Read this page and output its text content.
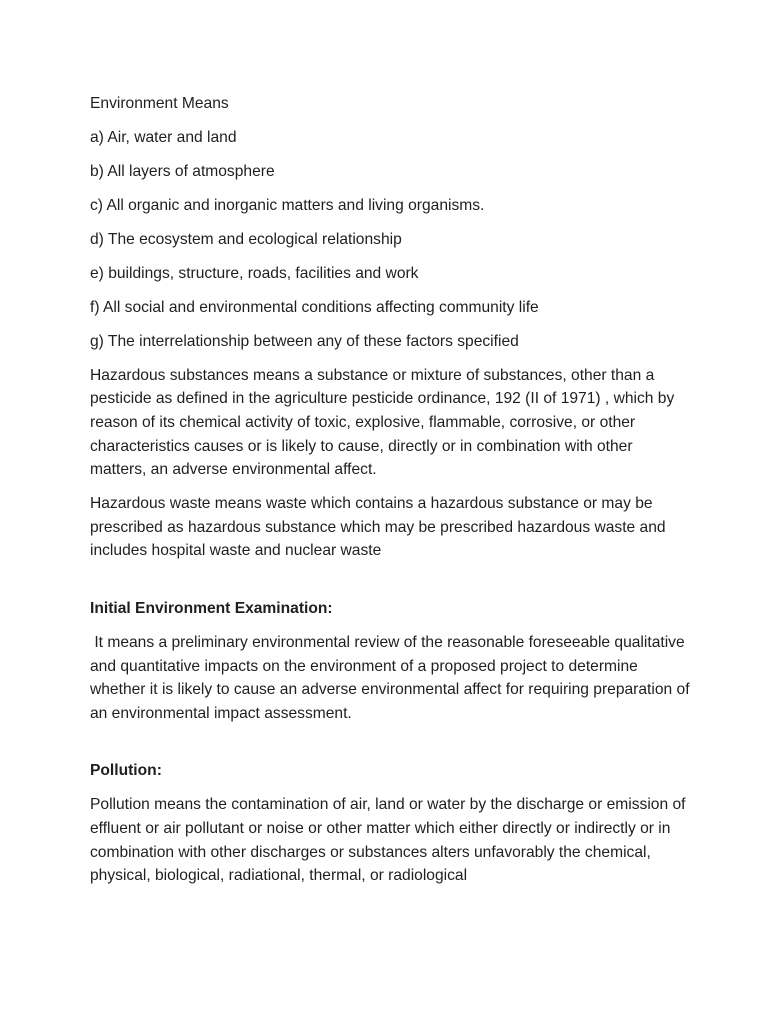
Environment Means
a) Air, water and land
b) All layers of atmosphere
c) All organic and inorganic matters and living organisms.
d) The ecosystem and ecological relationship
e) buildings, structure, roads, facilities and work
f) All social and environmental conditions affecting community life
g) The interrelationship between any of these factors specified
Hazardous substances means a substance or mixture of substances, other than a pesticide as defined in the agriculture pesticide ordinance, 192 (II of 1971) , which by reason of its chemical activity of toxic, explosive, flammable, corrosive, or other characteristics causes or is likely to cause, directly or in combination with other matters, an adverse environmental affect.
Hazardous waste means waste which contains a hazardous substance or may be prescribed as hazardous substance which may be prescribed hazardous waste and includes hospital waste and nuclear waste
Initial Environment Examination:
It means a preliminary environmental review of the reasonable foreseeable qualitative and quantitative impacts on the environment of a proposed project to determine whether it is likely to cause an adverse environmental affect for requiring preparation of an environmental impact assessment.
Pollution:
Pollution means the contamination of air, land or water by the discharge or emission of effluent or air pollutant or noise or other matter which either directly or indirectly or in combination with other discharges or substances alters unfavorably the chemical, physical, biological, radiational, thermal, or radiological
